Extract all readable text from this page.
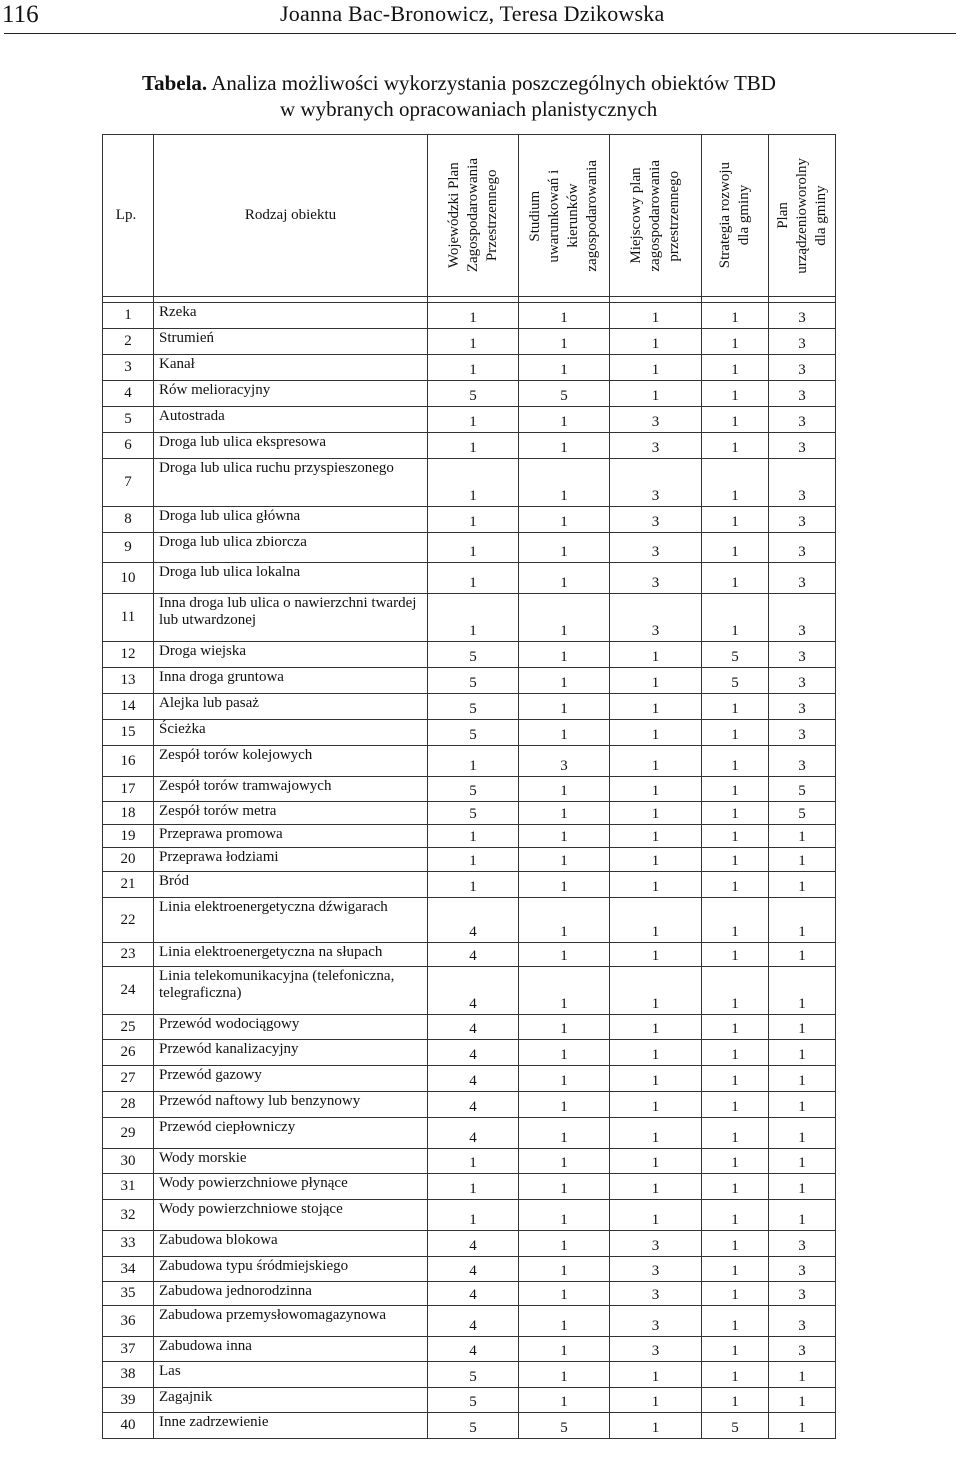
116	Joanna Bac-Bronowicz, Teresa Dzikowska
Tabela. Analiza możliwości wykorzystania poszczególnych obiektów TBD
w wybranych opracowaniach planistycznych
Lp.	Rodzaj obiektu	Wojewódzki Plan
Zagospodarowania
Przestrzennego	Studium
uwarunkowań i
kierunków
zagospodarowania	Miejscowy plan
zagospodarowania
przestrzennego	Strategia rozwoju
dla gminy	Plan
urządzenioworolny
dla gminy

1	Rzeka	1	1	1	1	3
2	Strumień	1	1	1	1	3
3	Kanał	1	1	1	1	3
4	Rów melioracyjny	5	5	1	1	3
5	Autostrada	1	1	3	1	3
6	Droga lub ulica ekspresowa	1	1	3	1	3
7	Droga lub ulica ruchu przyspieszonego	1	1	3	1	3
8	Droga lub ulica główna	1	1	3	1	3
9	Droga lub ulica zbiorcza	1	1	3	1	3
10	Droga lub ulica lokalna	1	1	3	1	3
11	Inna droga lub ulica o nawierzchni twardej lub utwardzonej	1	1	3	1	3
12	Droga wiejska	5	1	1	5	3
13	Inna droga gruntowa	5	1	1	5	3
14	Alejka lub pasaż	5	1	1	1	3
15	Ścieżka	5	1	1	1	3
16	Zespół torów kolejowych	1	3	1	1	3
17	Zespół torów tramwajowych	5	1	1	1	5
18	Zespół torów metra	5	1	1	1	5
19	Przeprawa promowa	1	1	1	1	1
20	Przeprawa łodziami	1	1	1	1	1
21	Bród	1	1	1	1	1
22	Linia elektroenergetyczna dźwigarach	4	1	1	1	1
23	Linia elektroenergetyczna na słupach	4	1	1	1	1
24	Linia telekomunikacyjna (telefoniczna, telegraficzna)	4	1	1	1	1
25	Przewód wodociągowy	4	1	1	1	1
26	Przewód kanalizacyjny	4	1	1	1	1
27	Przewód gazowy	4	1	1	1	1
28	Przewód naftowy lub benzynowy	4	1	1	1	1
29	Przewód ciepłowniczy	4	1	1	1	1
30	Wody morskie	1	1	1	1	1
31	Wody powierzchniowe płynące	1	1	1	1	1
32	Wody powierzchniowe stojące	1	1	1	1	1
33	Zabudowa blokowa	4	1	3	1	3
34	Zabudowa typu śródmiejskiego	4	1	3	1	3
35	Zabudowa jednorodzinna	4	1	3	1	3
36	Zabudowa przemysłowomagazynowa	4	1	3	1	3
37	Zabudowa inna	4	1	3	1	3
38	Las	5	1	1	1	1
39	Zagajnik	5	1	1	1	1
40	Inne zadrzewienie	5	5	1	5	1
